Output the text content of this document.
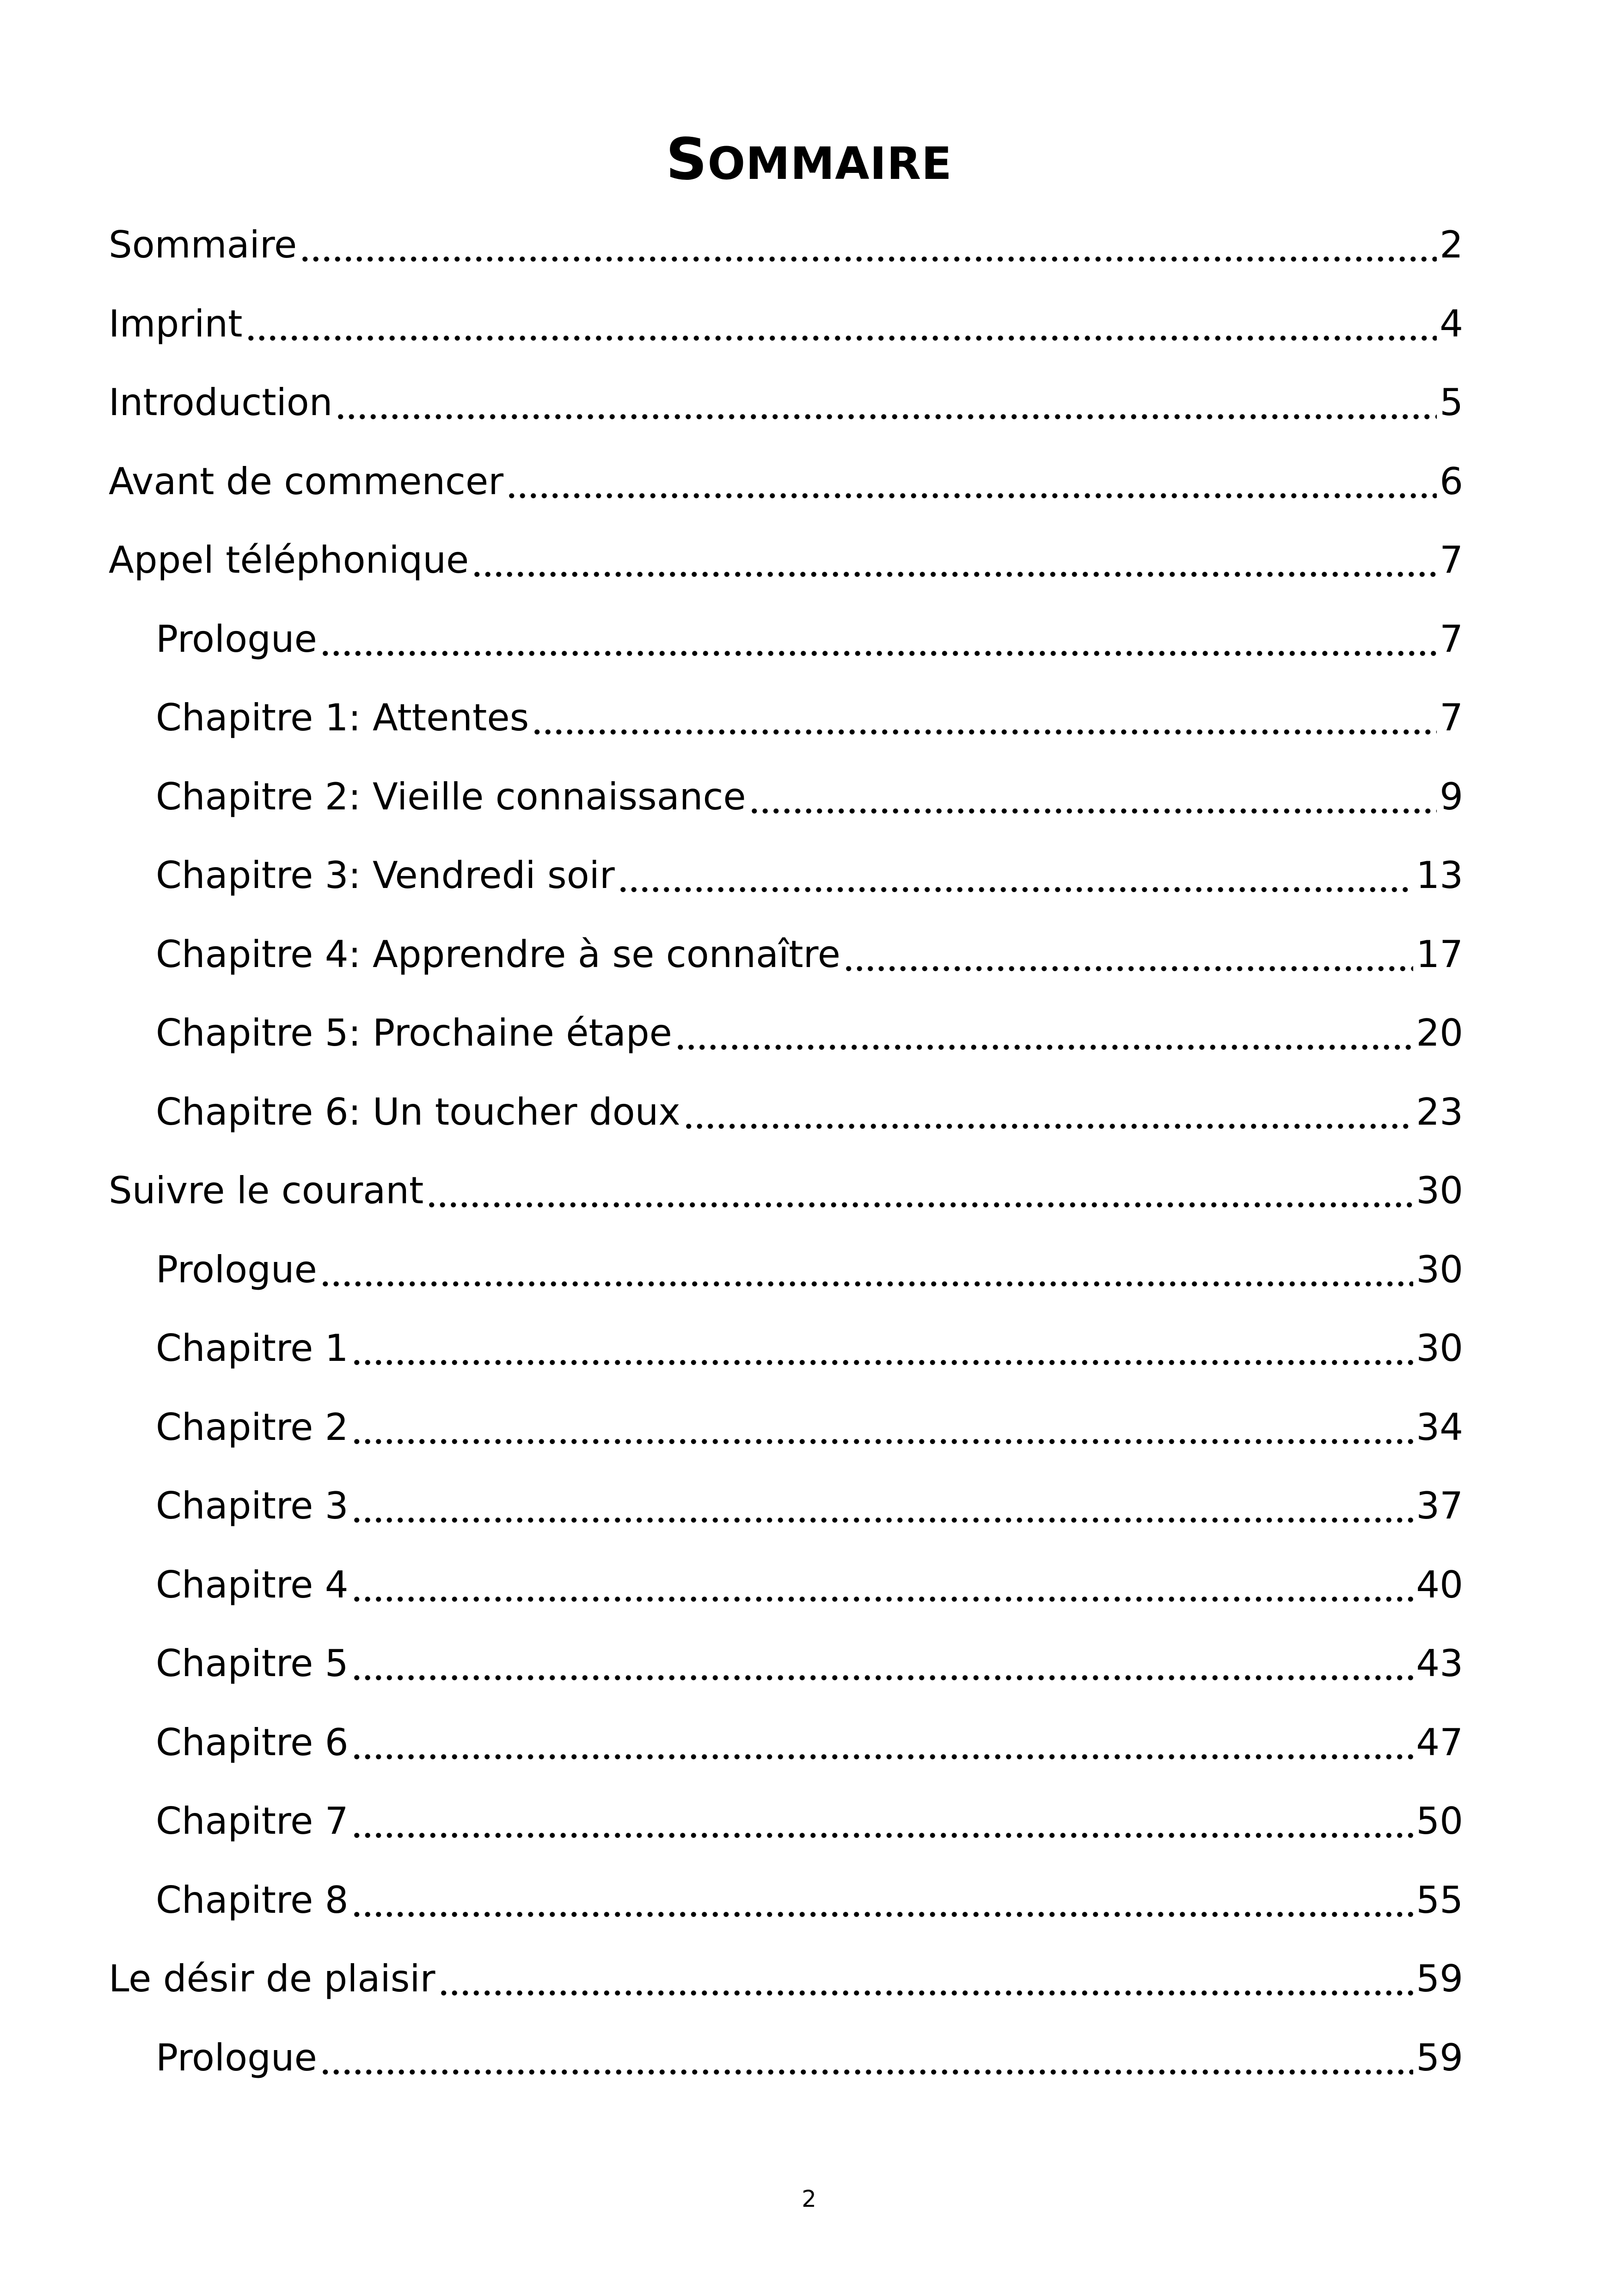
SOMMAIRE
Sommaire	2
Imprint	4
Introduction	5
Avant de commencer	6
Appel téléphonique	7
Prologue	7
Chapitre 1: Attentes	7
Chapitre 2: Vieille connaissance	9
Chapitre 3: Vendredi soir	13
Chapitre 4: Apprendre à se connaître	17
Chapitre 5: Prochaine étape	20
Chapitre 6: Un toucher doux	23
Suivre le courant	30
Prologue	30
Chapitre 1	30
Chapitre 2	34
Chapitre 3	37
Chapitre 4	40
Chapitre 5	43
Chapitre 6	47
Chapitre 7	50
Chapitre 8	55
Le désir de plaisir	59
Prologue	59
2
